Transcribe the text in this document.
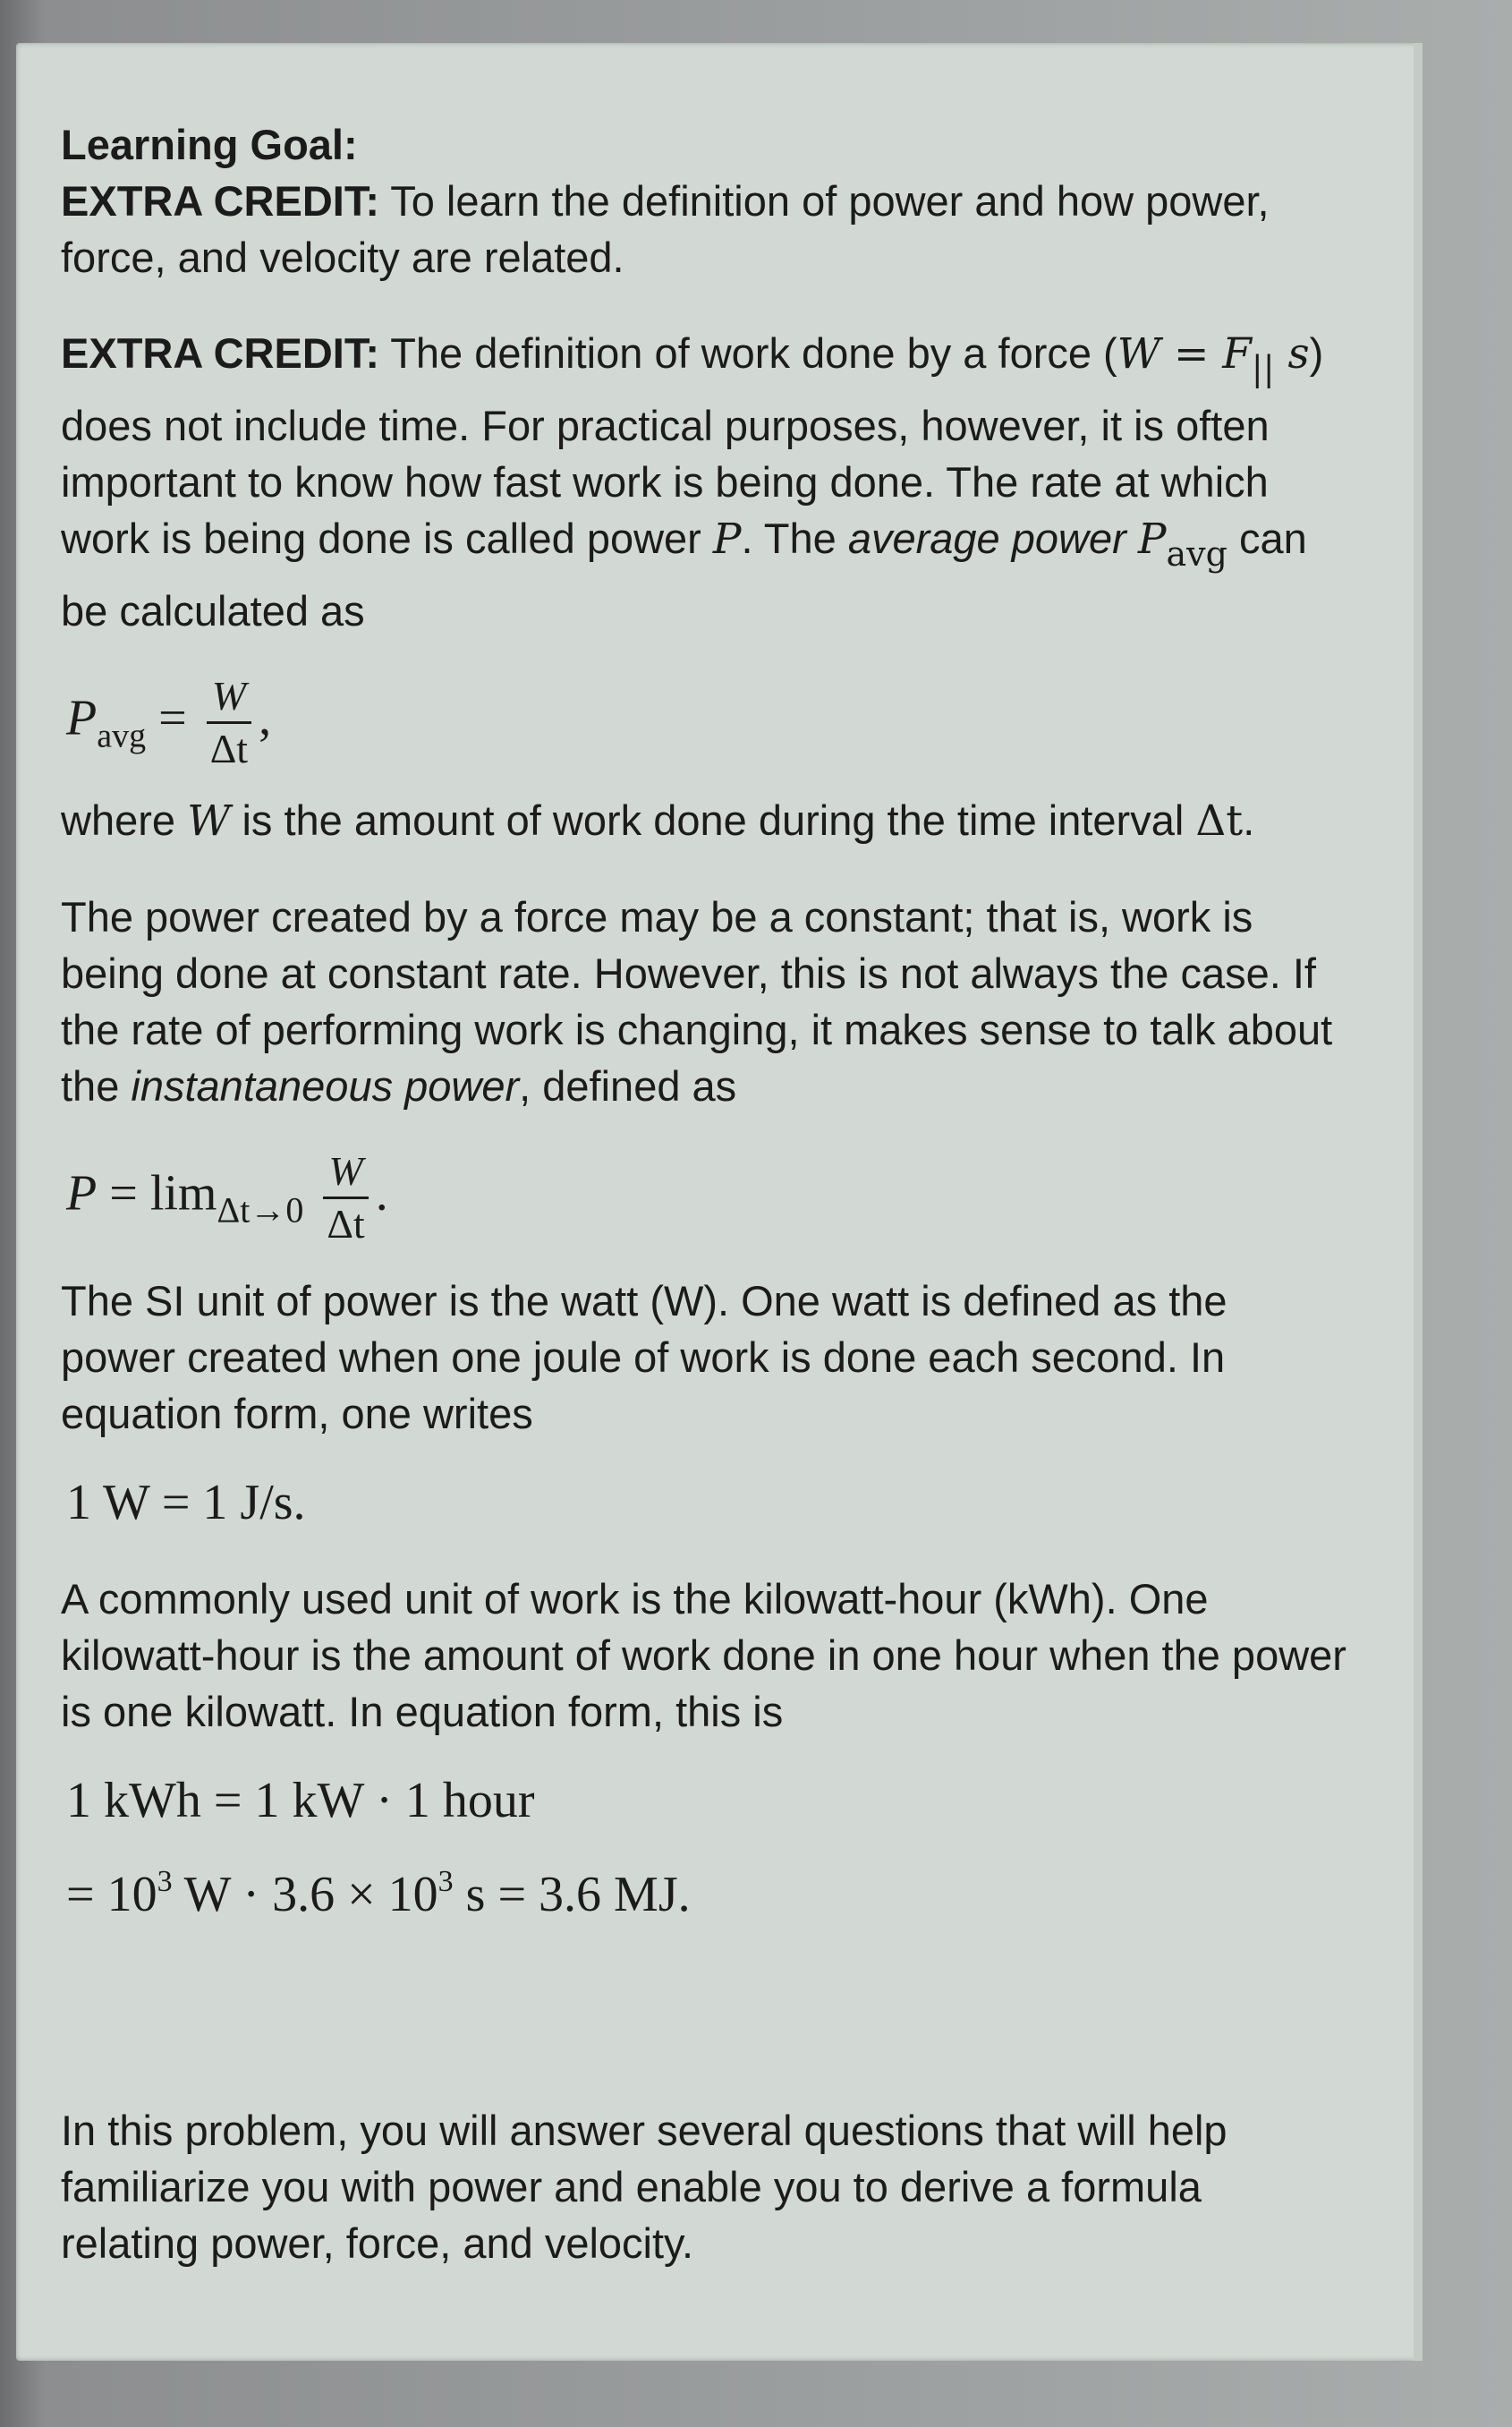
Learning Goal:
EXTRA CREDIT: To learn the definition of power and how power, force, and velocity are related.
EXTRA CREDIT: The definition of work done by a force ($W = F_{||}$ s) does not include time. For practical purposes, however, it is often important to know how fast work is being done. The rate at which work is being done is called power P. The average power $P_{avg}$ can be calculated as
$P_{avg} = \frac{W}{\Delta t}$ ,
where W is the amount of work done during the time interval Δt.
The power created by a force may be a constant; that is, work is being done at constant rate. However, this is not always the case. If the rate of performing work is changing, it makes sense to talk about the instantaneous power, defined as
$P = \lim_{\Delta t\to 0} \frac{W}{\Delta t}$ .
The SI unit of power is the watt (W). One watt is defined as the power created when one joule of work is done each second. In equation form, one writes
1 W = 1 J/s.
A commonly used unit of work is the kilowatt-hour (kWh). One kilowatt-hour is the amount of work done in one hour when the power is one kilowatt. In equation form, this is
1 kWh = 1 kW · 1 hour
= $10^3$ $W \cdot 3.6 \times 10^3$ s = 3.6 MJ.
In this problem, you will answer several questions that will help familiarize you with power and enable you to derive a formula relating power, force, and velocity.
